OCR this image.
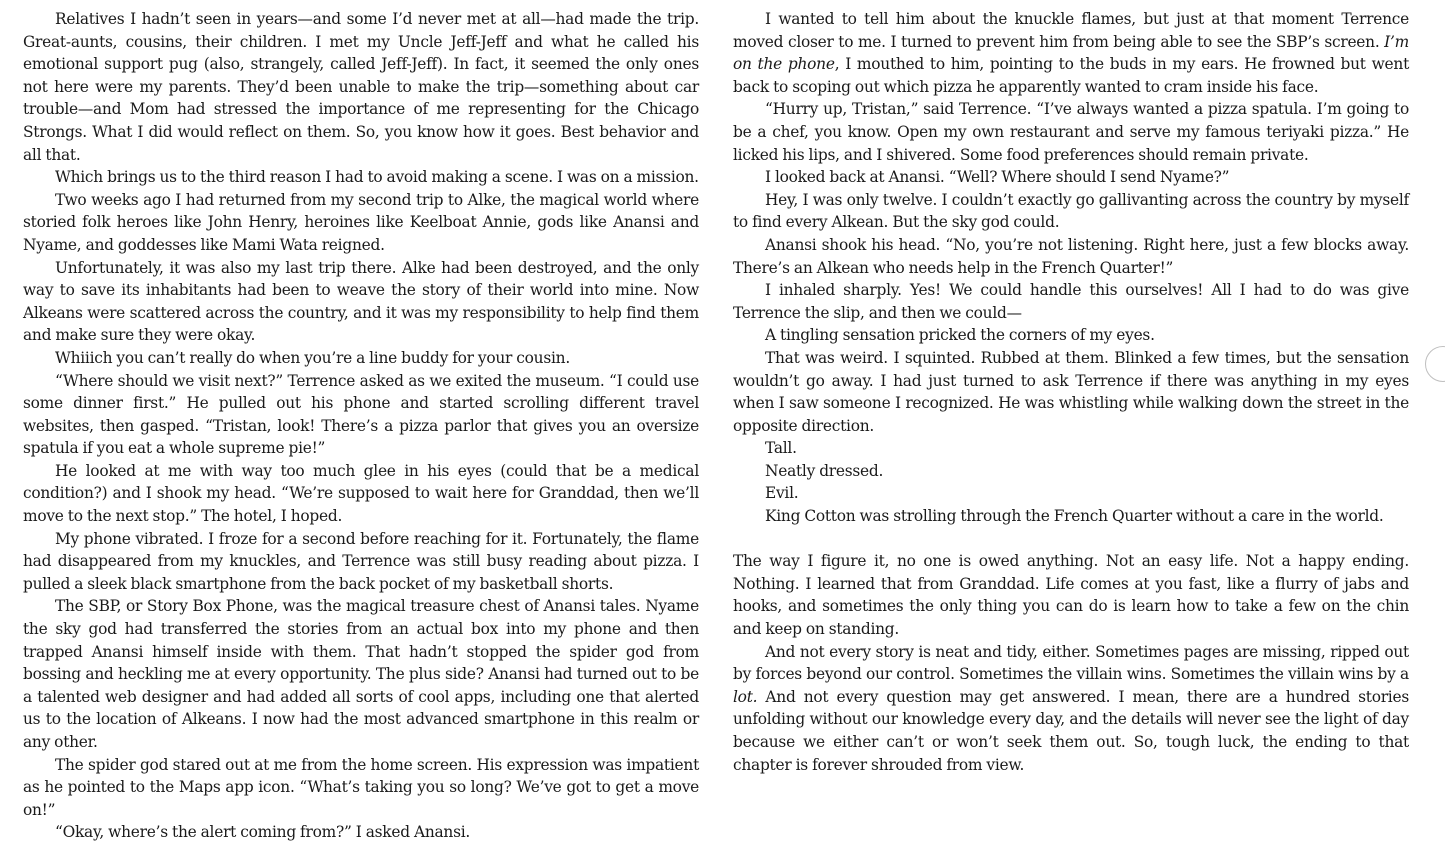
Relatives I hadn’t seen in years—and some I’d never met at all—had made the trip. Great-aunts, cousins, their children. I met my Uncle Jeff-Jeff and what he called his emotional support pug (also, strangely, called Jeff-Jeff). In fact, it seemed the only ones not here were my parents. They’d been unable to make the trip—something about car trouble—and Mom had stressed the importance of me representing for the Chicago Strongs. What I did would reflect on them. So, you know how it goes. Best behavior and all that.

Which brings us to the third reason I had to avoid making a scene. I was on a mission.

Two weeks ago I had returned from my second trip to Alke, the magical world where storied folk heroes like John Henry, heroines like Keelboat Annie, gods like Anansi and Nyame, and goddesses like Mami Wata reigned.

Unfortunately, it was also my last trip there. Alke had been destroyed, and the only way to save its inhabitants had been to weave the story of their world into mine. Now Alkeans were scattered across the country, and it was my responsibility to help find them and make sure they were okay.

Whiiich you can’t really do when you’re a line buddy for your cousin.

“Where should we visit next?” Terrence asked as we exited the museum. “I could use some dinner first.” He pulled out his phone and started scrolling different travel websites, then gasped. “Tristan, look! There’s a pizza parlor that gives you an oversize spatula if you eat a whole supreme pie!”

He looked at me with way too much glee in his eyes (could that be a medical condition?) and I shook my head. “We’re supposed to wait here for Granddad, then we’ll move to the next stop.” The hotel, I hoped.

My phone vibrated. I froze for a second before reaching for it. Fortunately, the flame had disappeared from my knuckles, and Terrence was still busy reading about pizza. I pulled a sleek black smartphone from the back pocket of my basketball shorts.

The SBP, or Story Box Phone, was the magical treasure chest of Anansi tales. Nyame the sky god had transferred the stories from an actual box into my phone and then trapped Anansi himself inside with them. That hadn’t stopped the spider god from bossing and heckling me at every opportunity. The plus side? Anansi had turned out to be a talented web designer and had added all sorts of cool apps, including one that alerted us to the location of Alkeans. I now had the most advanced smartphone in this realm or any other.

The spider god stared out at me from the home screen. His expression was impatient as he pointed to the Maps app icon. “What’s taking you so long? We’ve got to get a move on!”

“Okay, where’s the alert coming from?” I asked Anansi.

I wanted to tell him about the knuckle flames, but just at that moment Terrence moved closer to me. I turned to prevent him from being able to see the SBP’s screen. I’m on the phone, I mouthed to him, pointing to the buds in my ears. He frowned but went back to scoping out which pizza he apparently wanted to cram inside his face.

“Hurry up, Tristan,” said Terrence. “I’ve always wanted a pizza spatula. I’m going to be a chef, you know. Open my own restaurant and serve my famous teriyaki pizza.” He licked his lips, and I shivered. Some food preferences should remain private.

I looked back at Anansi. “Well? Where should I send Nyame?”

Hey, I was only twelve. I couldn’t exactly go gallivanting across the country by myself to find every Alkean. But the sky god could.

Anansi shook his head. “No, you’re not listening. Right here, just a few blocks away. There’s an Alkean who needs help in the French Quarter!”

I inhaled sharply. Yes! We could handle this ourselves! All I had to do was give Terrence the slip, and then we could—

A tingling sensation pricked the corners of my eyes.

That was weird. I squinted. Rubbed at them. Blinked a few times, but the sensation wouldn’t go away. I had just turned to ask Terrence if there was anything in my eyes when I saw someone I recognized. He was whistling while walking down the street in the opposite direction.

Tall.

Neatly dressed.

Evil.

King Cotton was strolling through the French Quarter without a care in the world.

The way I figure it, no one is owed anything. Not an easy life. Not a happy ending. Nothing. I learned that from Granddad. Life comes at you fast, like a flurry of jabs and hooks, and sometimes the only thing you can do is learn how to take a few on the chin and keep on standing.

And not every story is neat and tidy, either. Sometimes pages are missing, ripped out by forces beyond our control. Sometimes the villain wins. Sometimes the villain wins by a lot. And not every question may get answered. I mean, there are a hundred stories unfolding without our knowledge every day, and the details will never see the light of day because we either can’t or won’t seek them out. So, tough luck, the ending to that chapter is forever shrouded from view.
